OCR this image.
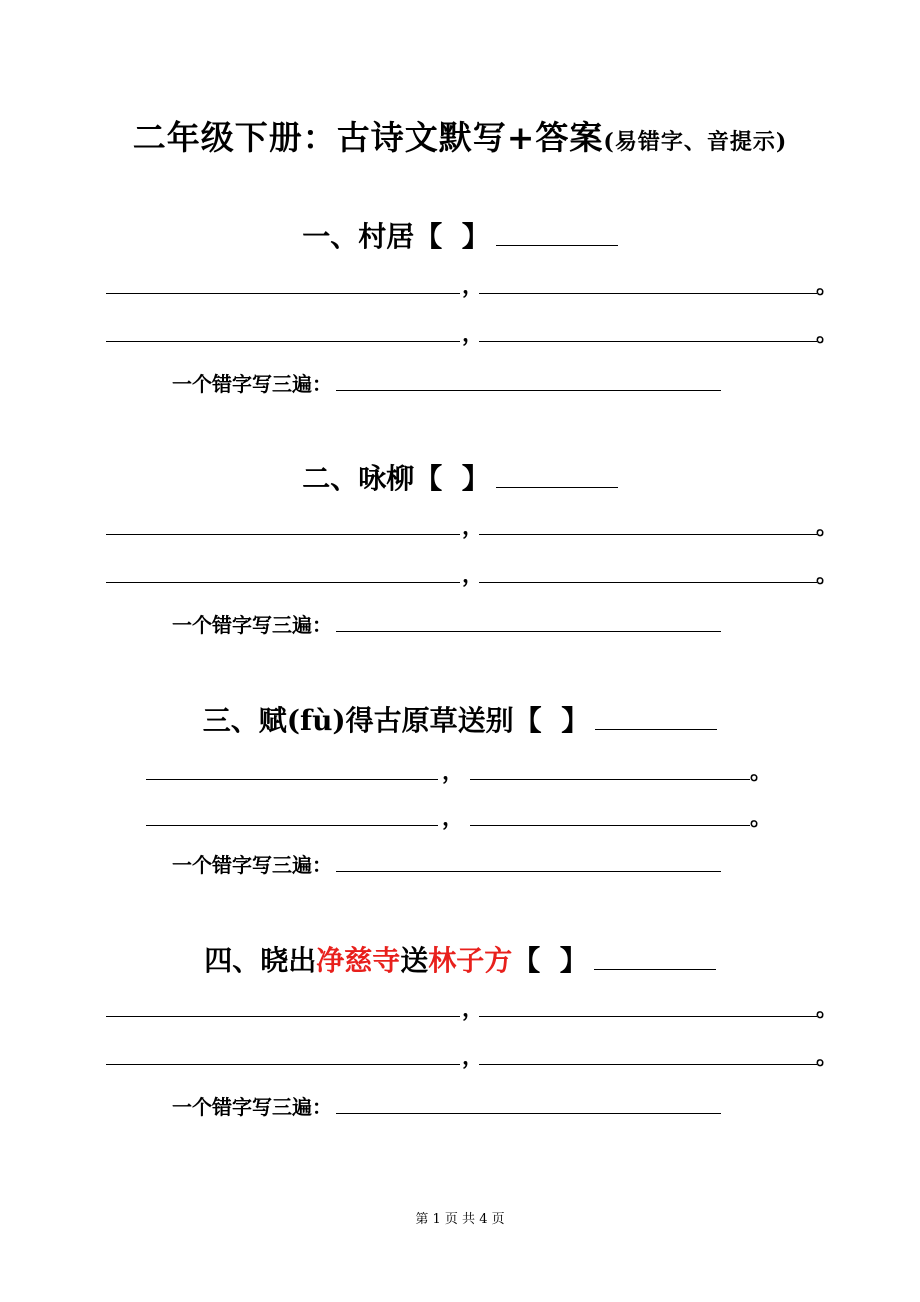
二年级下册：古诗文默写+答案(易错字、音提示)
一、村居【 】
，	。
，	。
一个错字写三遍：
二、咏柳【 】
，	。
，	。
一个错字写三遍：
三、赋(fù)得古原草送别【 】
，	。
，	。
一个错字写三遍：
四、晓出净慈寺送林子方【 】
，	。
，	。
一个错字写三遍：
第 1 页 共 4 页
